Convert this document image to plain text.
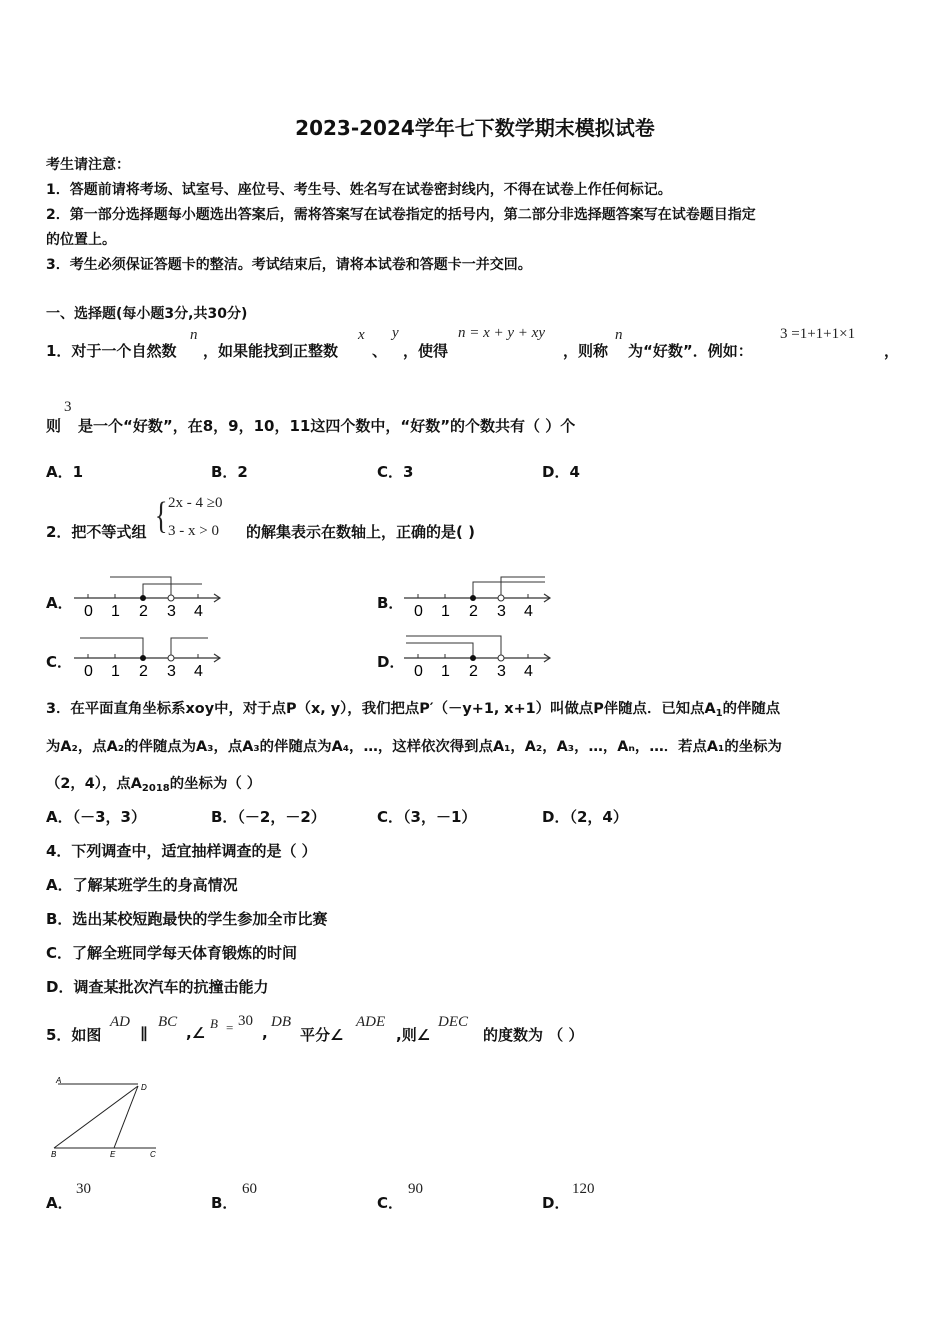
2023-2024学年七下数学期末模拟试卷
考生请注意：
1．答题前请将考场、试室号、座位号、考生号、姓名写在试卷密封线内，不得在试卷上作任何标记。
2．第一部分选择题每小题选出答案后，需将答案写在试卷指定的括号内，第二部分非选择题答案写在试卷题目指定
的位置上。
3．考生必须保证答题卡的整洁。考试结束后，请将本试卷和答题卡一并交回。
一、选择题(每小题3分,共30分)
1．对于一个自然数
n
，如果能找到正整数
x
、
y
，使得
n = x + y + xy
，则称
n
为“好数”．例如：
3 =1+1+1×1
，
则
3
是一个“好数”，在8，9，10，11这四个数中，“好数”的个数共有（ ）个
A．1	B．2	C．3	D．4
2．把不等式组 { 2x - 4 ≥0
3 - x > 0 的解集表示在数轴上，正确的是( )
A．	B．
C．	D．
0 1 2 3 4	0 1 2 3 4
0 1 2 3 4	0 1 2 3 4
3．在平面直角坐标系xoy中，对于点P（x, y），我们把点P′（－y+1, x+1）叫做点P伴随点．已知点$A_1$的伴随点
为A₂，点A₂的伴随点为A₃，点A₃的伴随点为A₄，…，这样依次得到点A₁，A₂，A₃，…，Aₙ，…．若点A₁的坐标为
（2，4），点$A_{2018}$的坐标为（ ）
A．（－3，3）	B．（－2，－2）	C．（3，－1）	D．（2，4）
4．下列调查中，适宜抽样调查的是（ ）
A．了解某班学生的身高情况
B．选出某校短跑最快的学生参加全市比赛
C．了解全班同学每天体育锻炼的时间
D．调查某批次汽车的抗撞击能力
5．如图
AD
∥
BC
,∠
B = 30
,
DB
平分∠
ADE
,则∠
DEC
的度数为 （ ）
A
D
B	E	C
A．
30
B．
60
C．
90
D．
120
